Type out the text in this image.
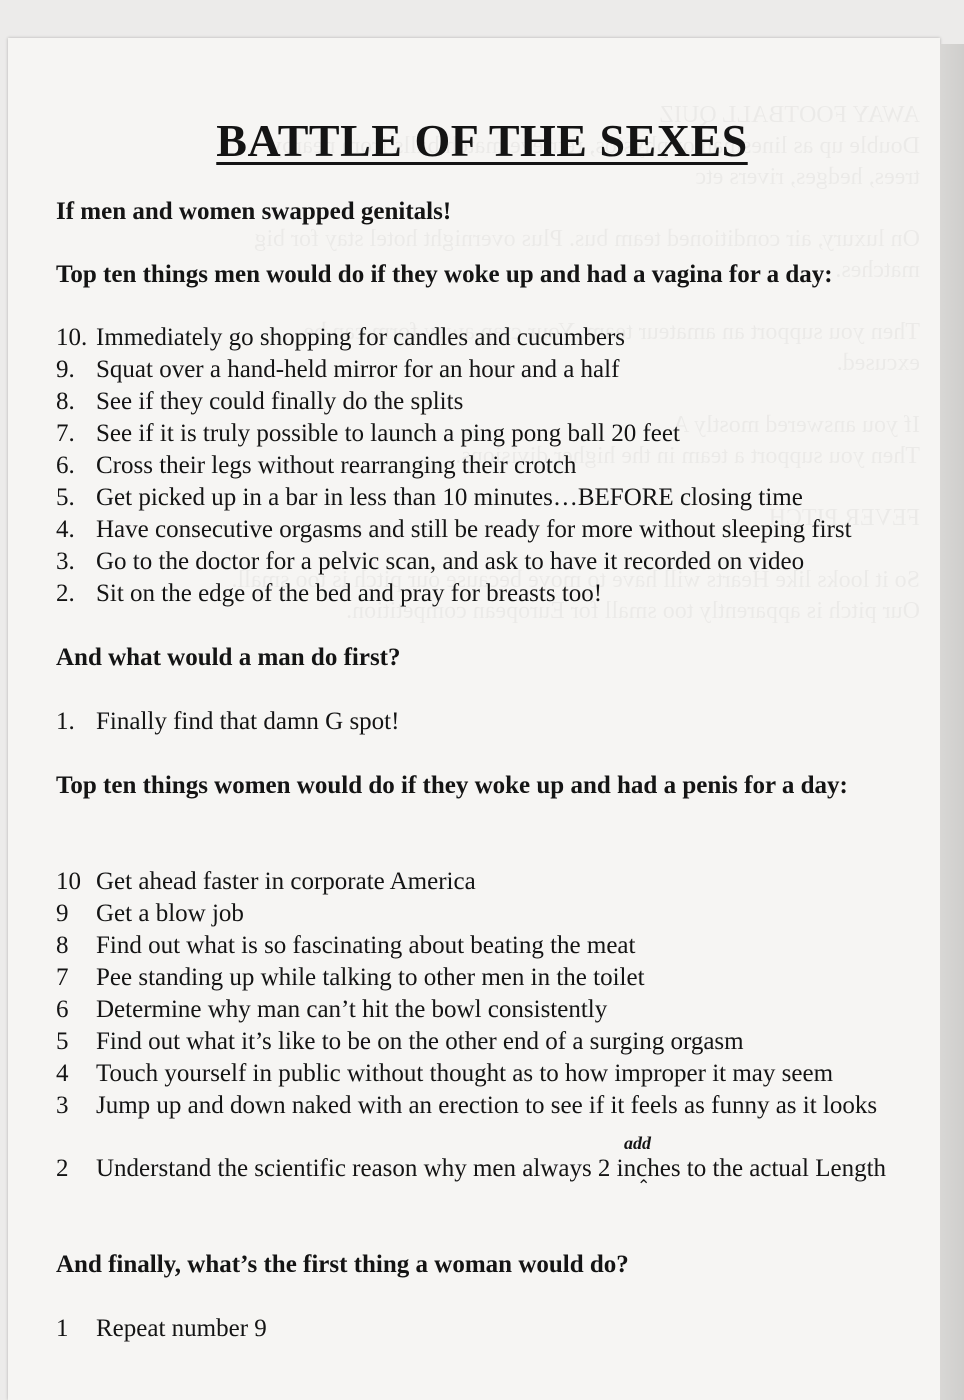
BATTLE OF THE SEXES
If men and women swapped genitals!
Top ten things men would do if they woke up and had a vagina for a day:
10. Immediately go shopping for candles and cucumbers
9. Squat over a hand-held mirror for an hour and a half
8. See if they could finally do the splits
7. See if it is truly possible to launch a ping pong ball 20 feet
6. Cross their legs without rearranging their crotch
5. Get picked up in a bar in less than 10 minutes…BEFORE closing time
4. Have consecutive orgasms and still be ready for more without sleeping first
3. Go to the doctor for a pelvic scan, and ask to have it recorded on video
2. Sit on the edge of the bed and pray for breasts too!
And what would a man do first?
1. Finally find that damn G spot!
Top ten things women would do if they woke up and had a penis for a day:
10 Get ahead faster in corporate America
9 Get a blow job
8 Find out what is so fascinating about beating the meat
7 Pee standing up while talking to other men in the toilet
6 Determine why man can’t hit the bowl consistently
5 Find out what it’s like to be on the other end of a surging orgasm
4 Touch yourself in public without thought as to how improper it may seem
3 Jump up and down naked with an erection to see if it feels as funny as it looks
2 Understand the scientific reason why men always 2 inches to the actual Length
add
⌃
And finally, what’s the first thing a woman would do?
1 Repeat number 9
